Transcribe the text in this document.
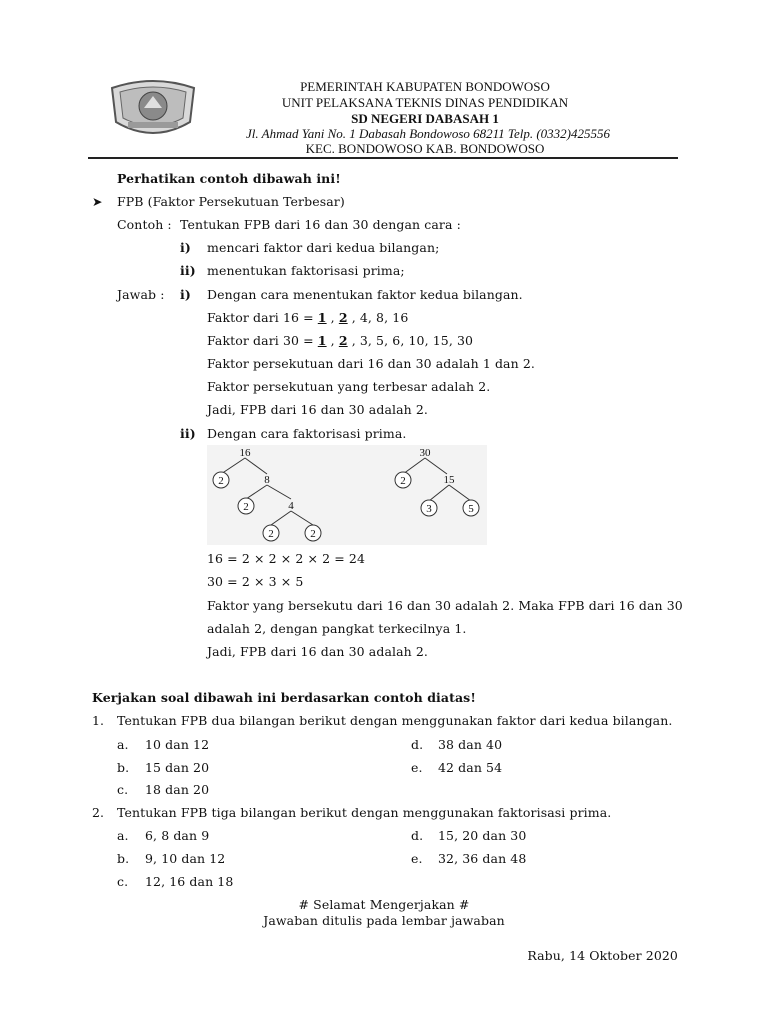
PEMERINTAH KABUPATEN BONDOWOSO
UNIT PELAKSANA TEKNIS DINAS PENDIDIKAN
SD NEGERI DABASAH 1
Jl. Ahmad Yani No. 1 Dabasah Bondowoso 68211 Telp. (0332)425556
KEC. BONDOWOSO KAB. BONDOWOSO
Perhatikan contoh dibawah ini!
➤ FPB (Faktor Persekutuan Terbesar)
Contoh : Tentukan FPB dari 16 dan 30 dengan cara :
i) mencari faktor dari kedua bilangan;
ii) menentukan faktorisasi prima;
Jawab : i) Dengan cara menentukan faktor kedua bilangan.
Faktor dari 16 = 1 , 2 , 4, 8, 16
Faktor dari 30 = 1 , 2 , 3, 5, 6, 10, 15, 30
Faktor persekutuan dari 16 dan 30 adalah 1 dan 2.
Faktor persekutuan yang terbesar adalah 2.
Jadi, FPB dari 16 dan 30 adalah 2.
ii) Dengan cara faktorisasi prima.
16
2	8
2	4
2	2
30
2	15
3	5
16 = 2 × 2 × 2 × 2 = 24
30 = 2 × 3 × 5
Faktor yang bersekutu dari 16 dan 30 adalah 2. Maka FPB dari 16 dan 30
adalah 2, dengan pangkat terkecilnya 1.
Jadi, FPB dari 16 dan 30 adalah 2.
Kerjakan soal dibawah ini berdasarkan contoh diatas!
1. Tentukan FPB dua bilangan berikut dengan menggunakan faktor dari kedua bilangan.
a. 10 dan 12	d. 38 dan 40
b. 15 dan 20	e. 42 dan 54
c. 18 dan 20
2. Tentukan FPB tiga bilangan berikut dengan menggunakan faktorisasi prima.
a. 6, 8 dan 9	d. 15, 20 dan 30
b. 9, 10 dan 12	e. 32, 36 dan 48
c. 12, 16 dan 18
# Selamat Mengerjakan #
Jawaban ditulis pada lembar jawaban
Rabu, 14 Oktober 2020
